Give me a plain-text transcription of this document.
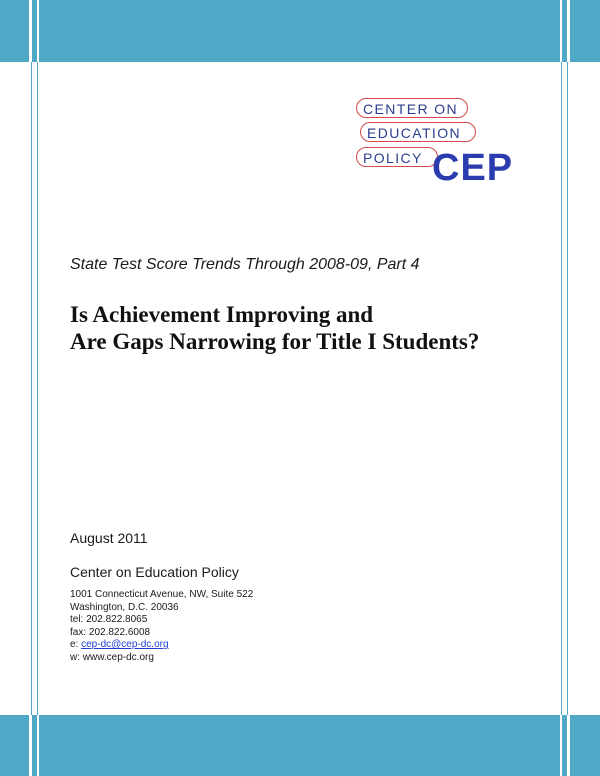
CENTER ON
EDUCATION
POLICY CEP
State Test Score Trends Through 2008-09, Part 4
Is Achievement Improving and
Are Gaps Narrowing for Title I Students?
August 2011
Center on Education Policy
1001 Connecticut Avenue, NW, Suite 522
Washington, D.C. 20036
tel: 202.822.8065
fax: 202.822.6008
e: cep-dc@cep-dc.org
w: www.cep-dc.org
